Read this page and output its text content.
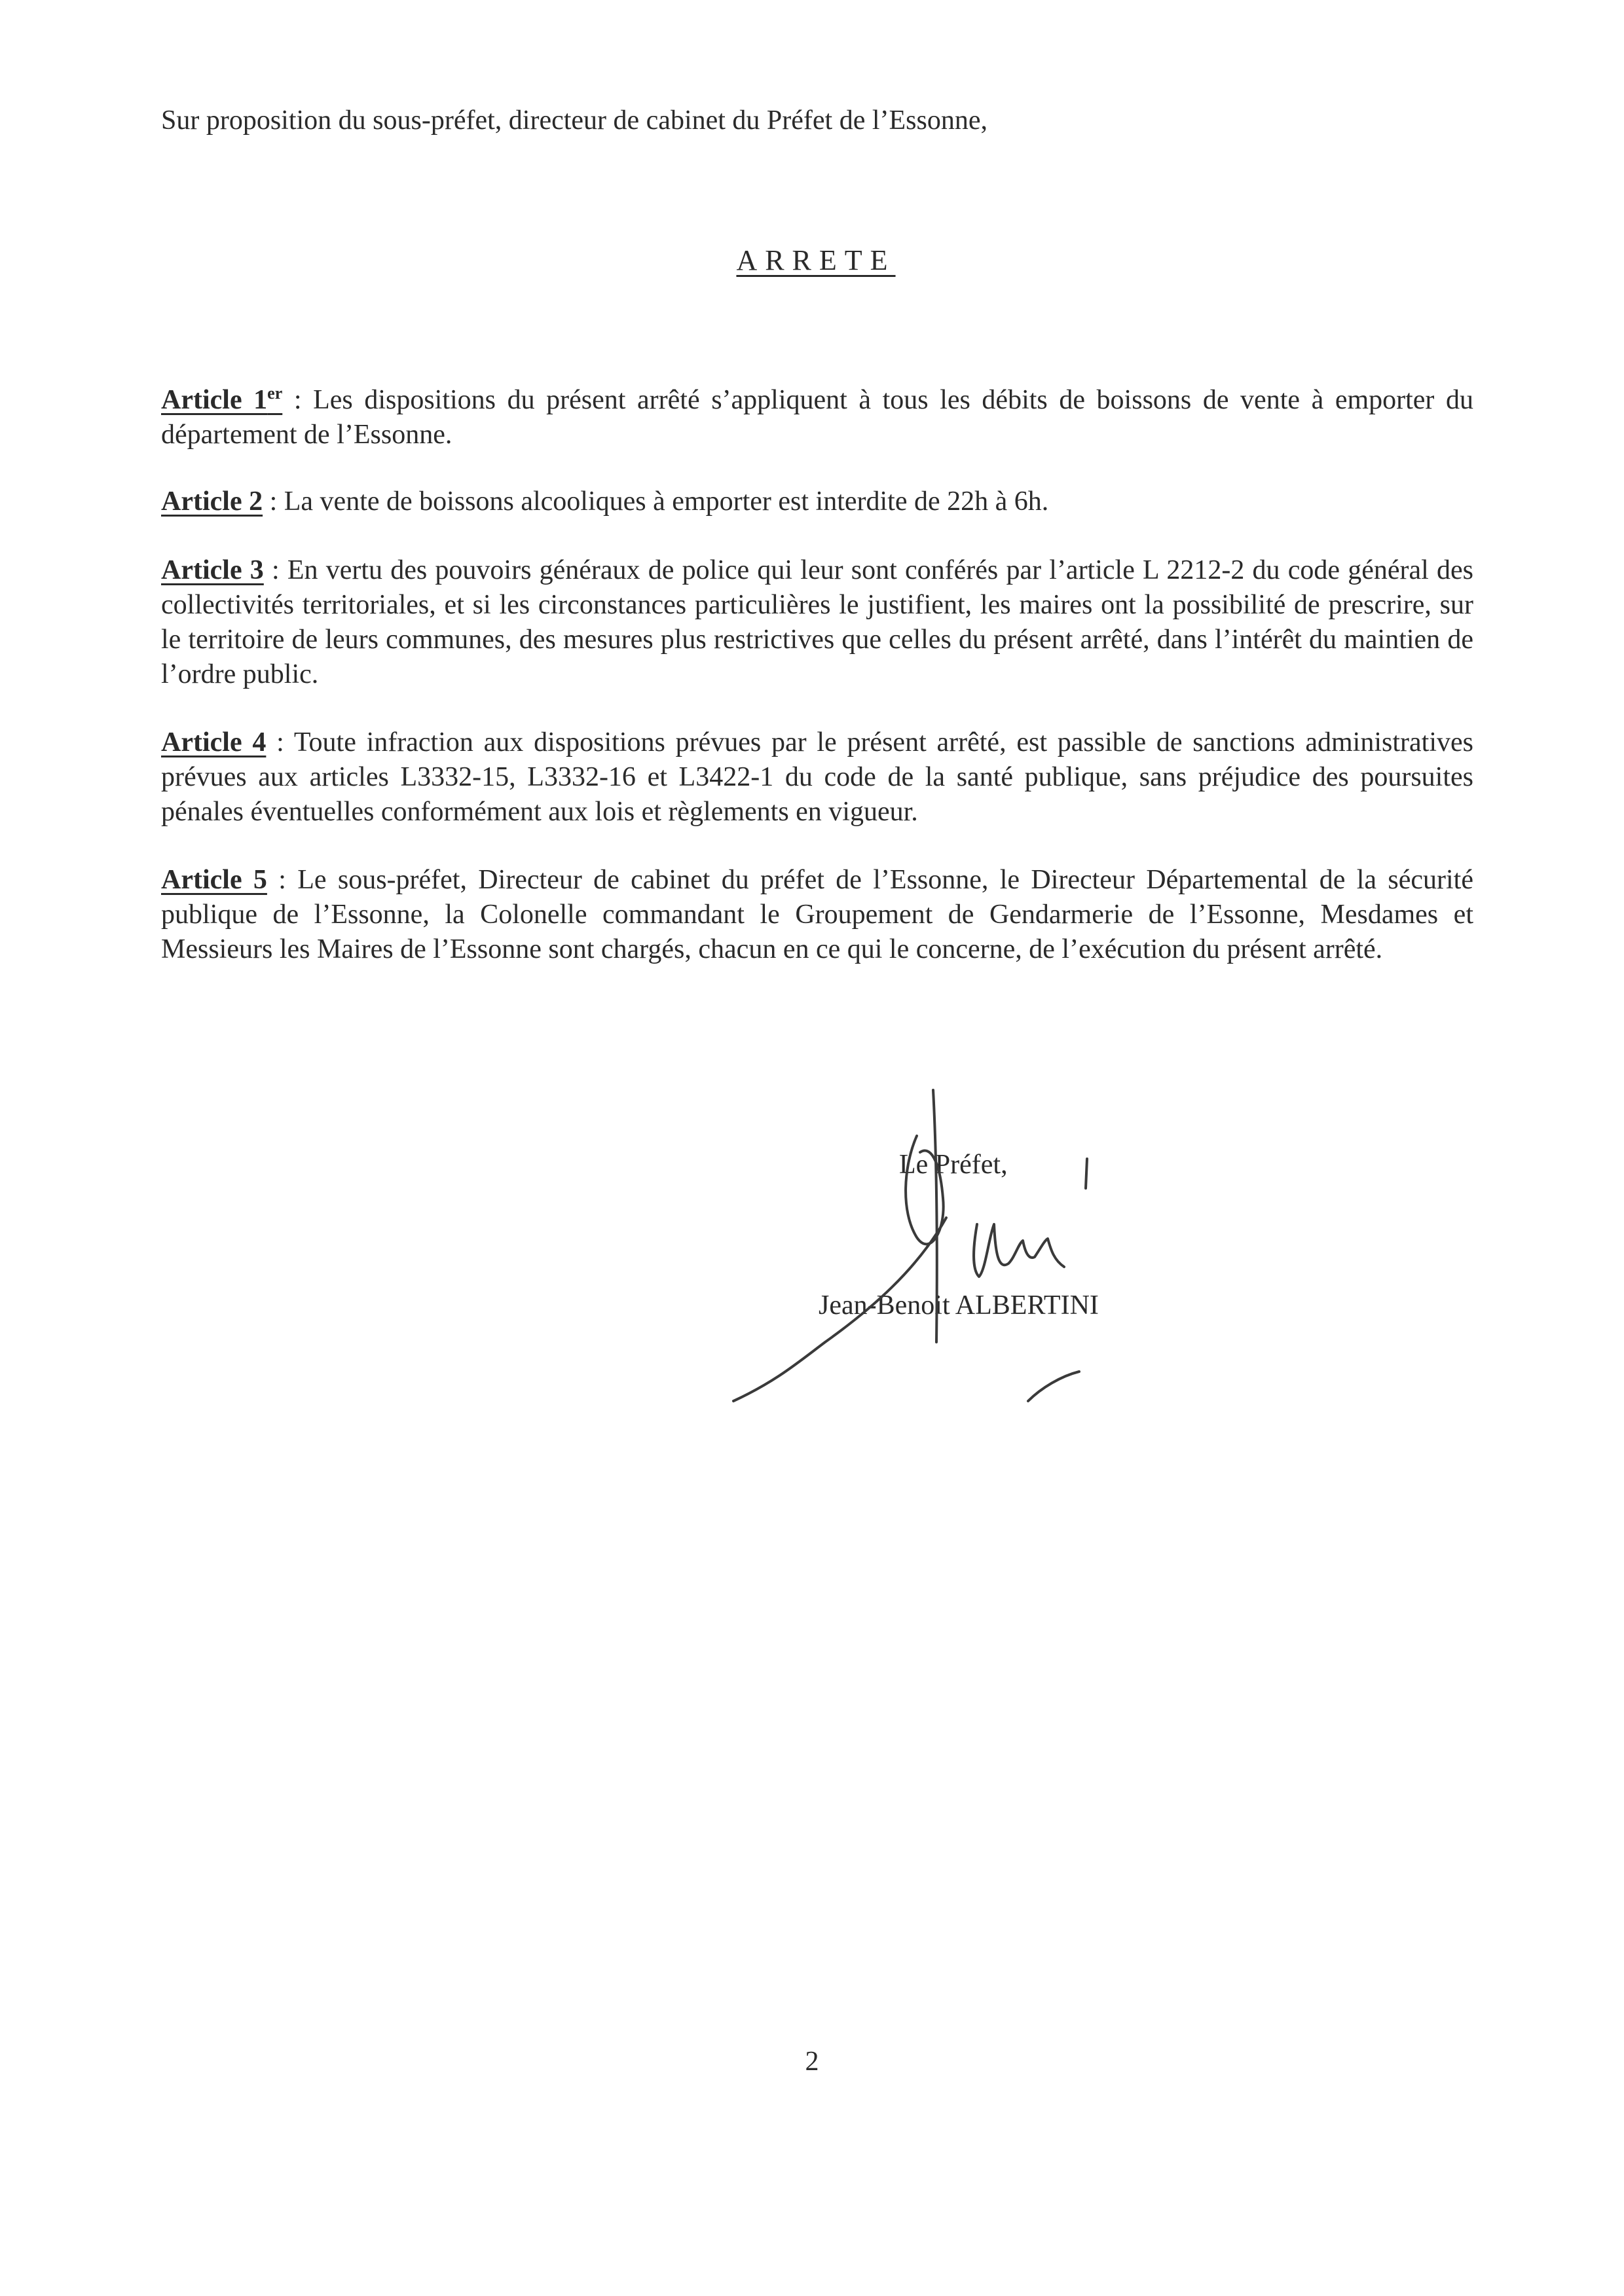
Sur proposition du sous-préfet, directeur de cabinet du Préfet de l’Essonne,

ARRETE

Article 1er : Les dispositions du présent arrêté s’appliquent à tous les débits de boissons de vente à emporter du département de l’Essonne.

Article 2 : La vente de boissons alcooliques à emporter est interdite de 22h à 6h.

Article 3 : En vertu des pouvoirs généraux de police qui leur sont conférés par l’article L 2212-2 du code général des collectivités territoriales, et si les circonstances particulières le justifient, les maires ont la possibilité de prescrire, sur le territoire de leurs communes, des mesures plus restrictives que celles du présent arrêté, dans l’intérêt du maintien de l’ordre public.

Article 4 : Toute infraction aux dispositions prévues par le présent arrêté, est passible de sanctions administratives prévues aux articles L3332-15, L3332-16 et L3422-1 du code de la santé publique, sans préjudice des poursuites pénales éventuelles conformément aux lois et règlements en vigueur.

Article 5 : Le sous-préfet, Directeur de cabinet du préfet de l’Essonne, le Directeur Départemental de la sécurité publique de l’Essonne, la Colonelle commandant le Groupement de Gendarmerie de l’Essonne, Mesdames et Messieurs les Maires de l’Essonne sont chargés, chacun en ce qui le concerne, de l’exécution du présent arrêté.

Le Préfet,

Jean-Benoit ALBERTINI

2
